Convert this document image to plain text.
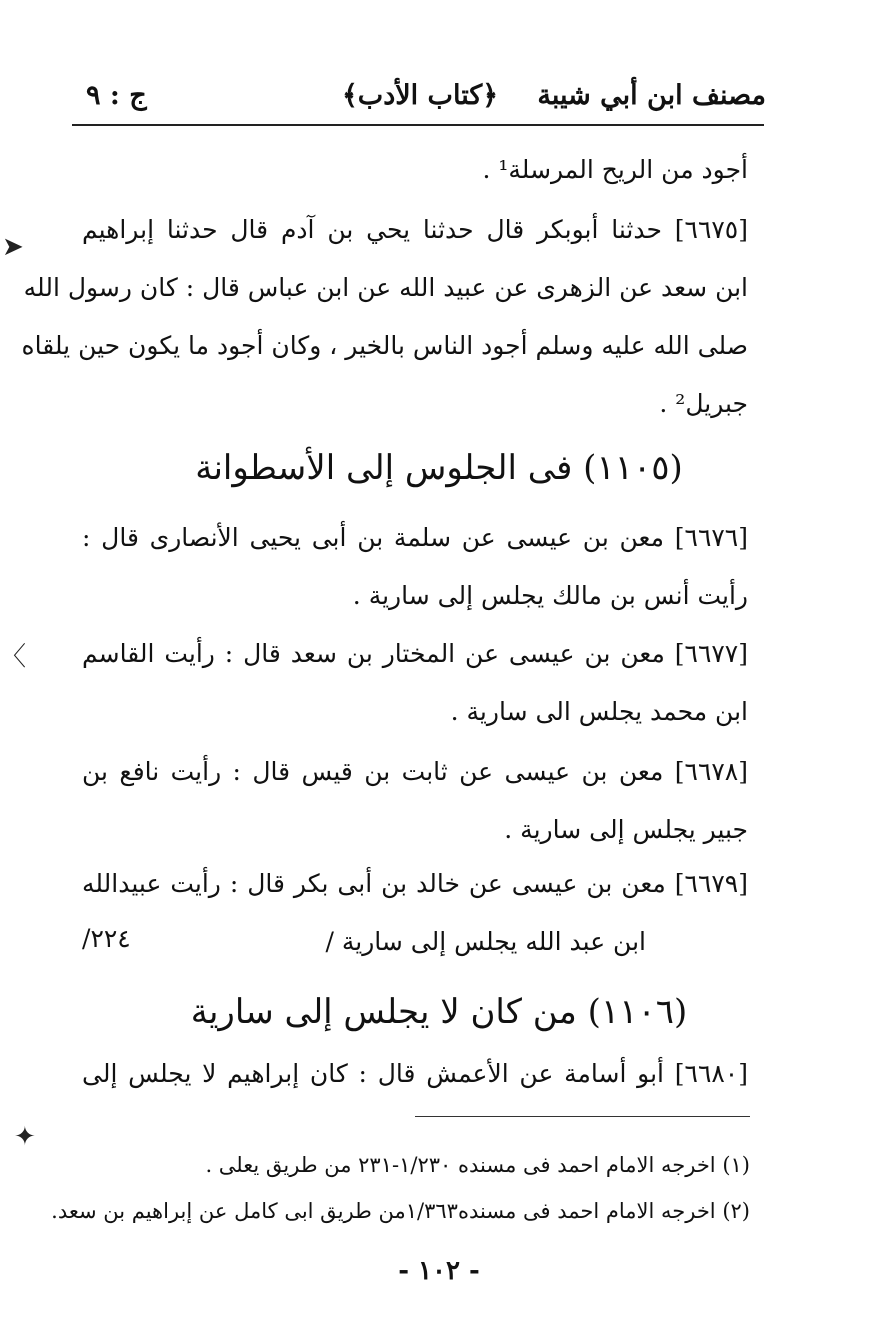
مصنف ابن أبي شيبة
﴿كتاب الأدب﴾
ج : ٩
➤
〈
✦
أجود من الريح المرسلة¹ .
[٦٦٧٥] حدثنا أبوبكر قال حدثنا يحي بن آدم قال حدثنا إبراهيم
ابن سعد عن الزهرى عن عبيد الله عن ابن عباس قال : كان رسول الله
صلى الله عليه وسلم أجود الناس بالخير ، وكان أجود ما يكون حين يلقاه
جبريل² .
(١١٠٥) فى الجلوس إلى الأسطوانة
[٦٦٧٦] معن بن عيسى عن سلمة بن أبى يحيى الأنصارى قال :
رأيت أنس بن مالك يجلس إلى سارية .
[٦٦٧٧] معن بن عيسى عن المختار بن سعد قال : رأيت القاسم
ابن محمد يجلس الى سارية .
[٦٦٧٨] معن بن عيسى عن ثابت بن قيس قال : رأيت نافع بن
جبير يجلس إلى سارية .
[٦٦٧٩] معن بن عيسى عن خالد بن أبى بكر قال : رأيت عبيدالله
ابن عبد الله يجلس إلى سارية /
٢٢٤/
(١١٠٦) من كان لا يجلس إلى سارية
[٦٦٨٠] أبو أسامة عن الأعمش قال : كان إبراهيم لا يجلس إلى
(١) اخرجه الامام احمد فى مسنده ١/٢٣٠-٢٣١ من طريق يعلى .
(٢) اخرجه الامام احمد فى مسنده١/٣٦٣من طريق ابى كامل عن إبراهيم بن سعد.
- ١٠٢ -
